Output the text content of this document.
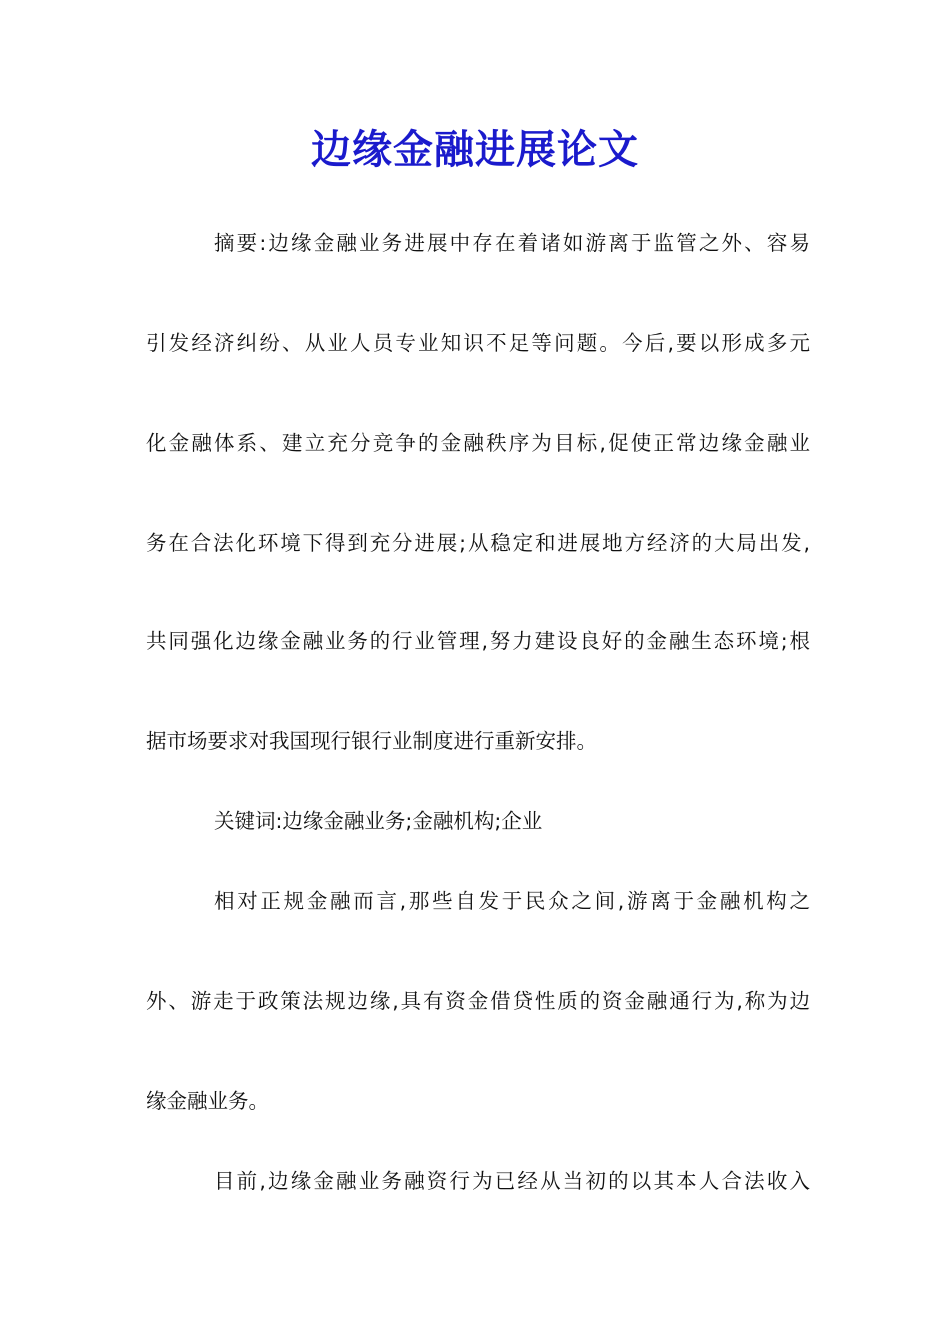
边缘金融进展论文
摘要:边缘金融业务进展中存在着诸如游离于监管之外、容易
引发经济纠纷、从业人员专业知识不足等问题。今后,要以形成多元
化金融体系、建立充分竞争的金融秩序为目标,促使正常边缘金融业
务在合法化环境下得到充分进展;从稳定和进展地方经济的大局出发,
共同强化边缘金融业务的行业管理,努力建设良好的金融生态环境;根
据市场要求对我国现行银行业制度进行重新安排。
关键词:边缘金融业务;金融机构;企业
相对正规金融而言,那些自发于民众之间,游离于金融机构之
外、游走于政策法规边缘,具有资金借贷性质的资金融通行为,称为边
缘金融业务。
目前,边缘金融业务融资行为已经从当初的以其本人合法收入
